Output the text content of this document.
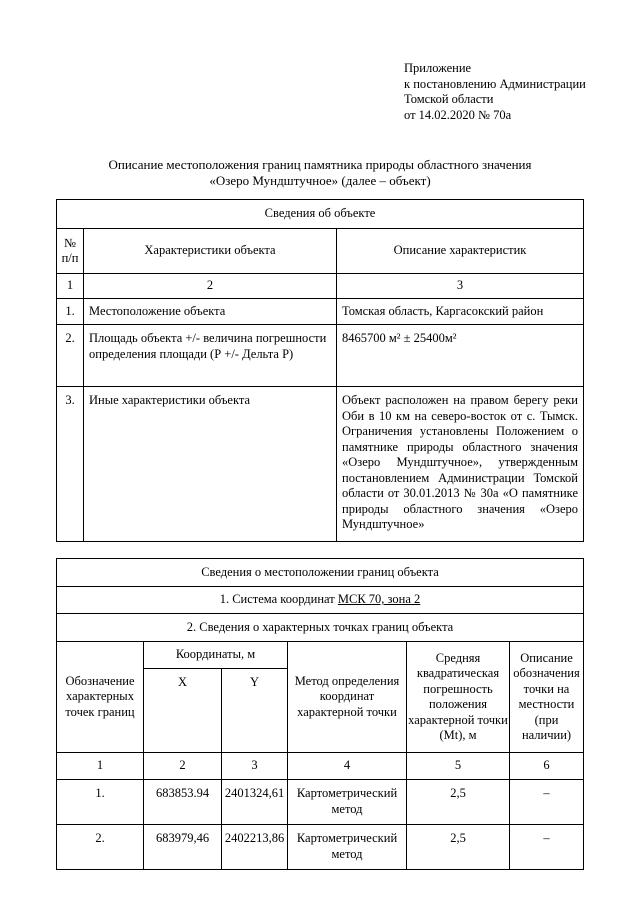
Приложение
к постановлению Администрации
Томской области
от 14.02.2020 № 70а
Описание местоположения границ памятника природы областного значения
«Озеро Мундштучное» (далее – объект)
Сведения об объекте		
№ п/п	Характеристики объекта	Описание характеристик
1	2	3
1.	Местоположение объекта	Томская область, Каргасокский район
2.	Площадь объекта +/- величина погрешности определения площади (Р +/- Дельта Р)	8465700 м² ± 25400м²
3.	Иные характеристики объекта	Объект расположен на правом берегу реки Оби в 10 км на северо-восток от с. Тымск. Ограничения установлены Положением о памятнике природы областного значения «Озеро Мундштучное», утвержденным постановлением Администрации Томской области от 30.01.2013 № 30а «О памятнике природы областного значения «Озеро Мундштучное»
Сведения о местоположении границ объекта					
1. Система координат МСК 70, зона 2					
2. Сведения о характерных точках границ объекта					
Обозначение характерных точек границ	Координаты, м		Метод определения координат характерной точки	Средняя квадратическая погрешность положения характерной точки (Мt), м	Описание обозначения точки на местности (при наличии)
	X	Y			
1	2	3	4	5	6
1.	683853.94	2401324,61	Картометрический метод	2,5	–
2.	683979,46	2402213,86	Картометрический метод	2,5	–
